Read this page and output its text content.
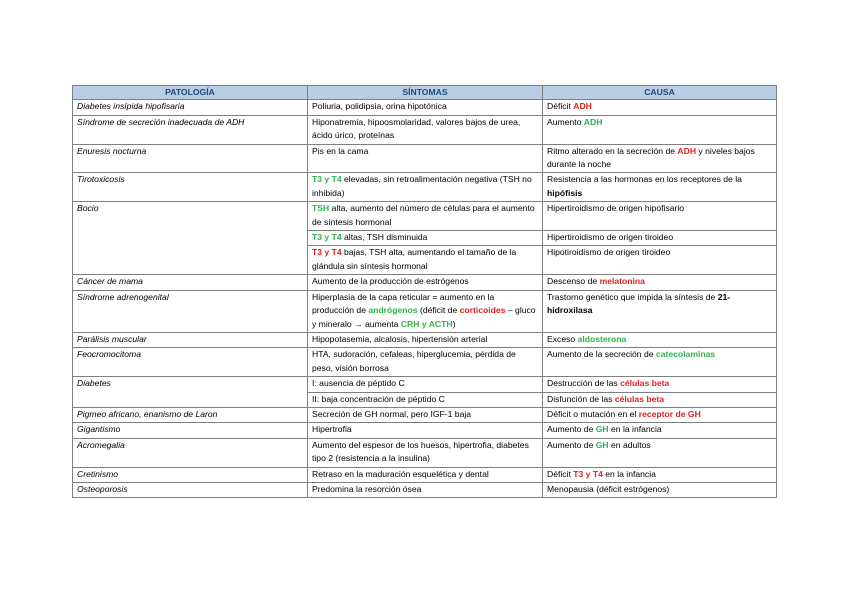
PATOLOGÍA	SÍNTOMAS	CAUSA
Diabetes insípida hipofisaria	Poliuria, polidipsia, orina hipotónica	Déficit ADH
Síndrome de secreción inadecuada de ADH	Hiponatremia, hipoosmolaridad, valores bajos de urea, ácido úrico, proteínas	Aumento ADH
Enuresis nocturna	Pis en la cama	Ritmo alterado en la secreción de ADH y niveles bajos durante la noche
Tirotoxicosis	T3 y T4 elevadas, sin retroalimentación negativa (TSH no inhibida)	Resistencia a las hormonas en los receptores de la hipófisis
Bocio	TSH alta, aumento del número de células para el aumento de síntesis hormonal	Hipertiroidismo de origen hipofisario
	T3 y T4 altas, TSH disminuida	Hipertiroidismo de origen tiroideo
	T3 y T4 bajas, TSH alta, aumentando el tamaño de la glándula sin síntesis hormonal	Hipotiroidismo de origen tiroideo
Cáncer de mama	Aumento de la producción de estrógenos	Descenso de melatonina
Síndrome adrenogenital	Hiperplasia de la capa reticular = aumento en la producción de andrógenos (déficit de corticoides – gluco y mineralo → aumenta CRH y ACTH)	Trastorno genético que impida la síntesis de 21-hidroxilasa
Parálisis muscular	Hipopotasemia, alcalosis, hipertensión arterial	Exceso aldosterona
Feocromocitoma	HTA, sudoración, cefaleas, hiperglucemia, pérdida de peso, visión borrosa	Aumento de la secreción de catecolaminas
Diabetes	I: ausencia de péptido C	Destrucción de las células beta
	II: baja concentración de péptido C	Disfunción de las células beta
Pigmeo africano, enanismo de Laron	Secreción de GH normal, pero IGF-1 baja	Déficit o mutación en el receptor de GH
Gigantismo	Hipertrofia	Aumento de GH en la infancia
Acromegalia	Aumento del espesor de los huesos, hipertrofia, diabetes tipo 2 (resistencia a la insulina)	Aumento de GH en adultos
Cretinismo	Retraso en la maduración esquelética y dental	Déficit T3 y T4 en la infancia
Osteoporosis	Predomina la resorción ósea	Menopausia (déficit estrógenos)
